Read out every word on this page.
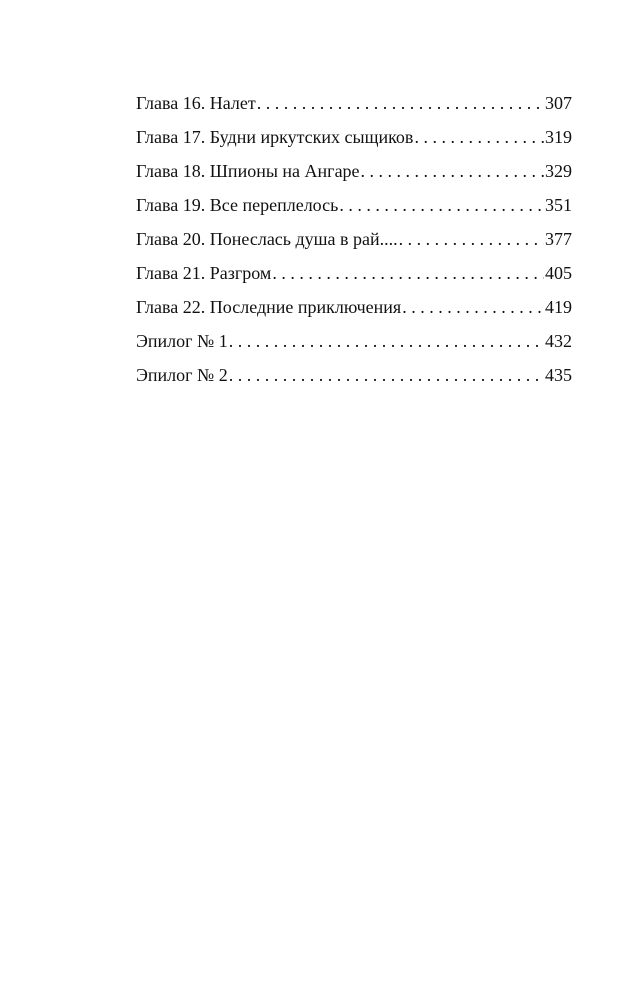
Глава 16. Налет . . .	307
Глава 17. Будни иркутских сыщиков . . .	319
Глава 18. Шпионы на Ангаре . . .	329
Глава 19. Все переплелось . . .	351
Глава 20. Понеслась душа в рай.... . . .	377
Глава 21. Разгром . . .	405
Глава 22. Последние приключения . . .	419
Эпилог № 1 . . .	432
Эпилог № 2 . . .	435
